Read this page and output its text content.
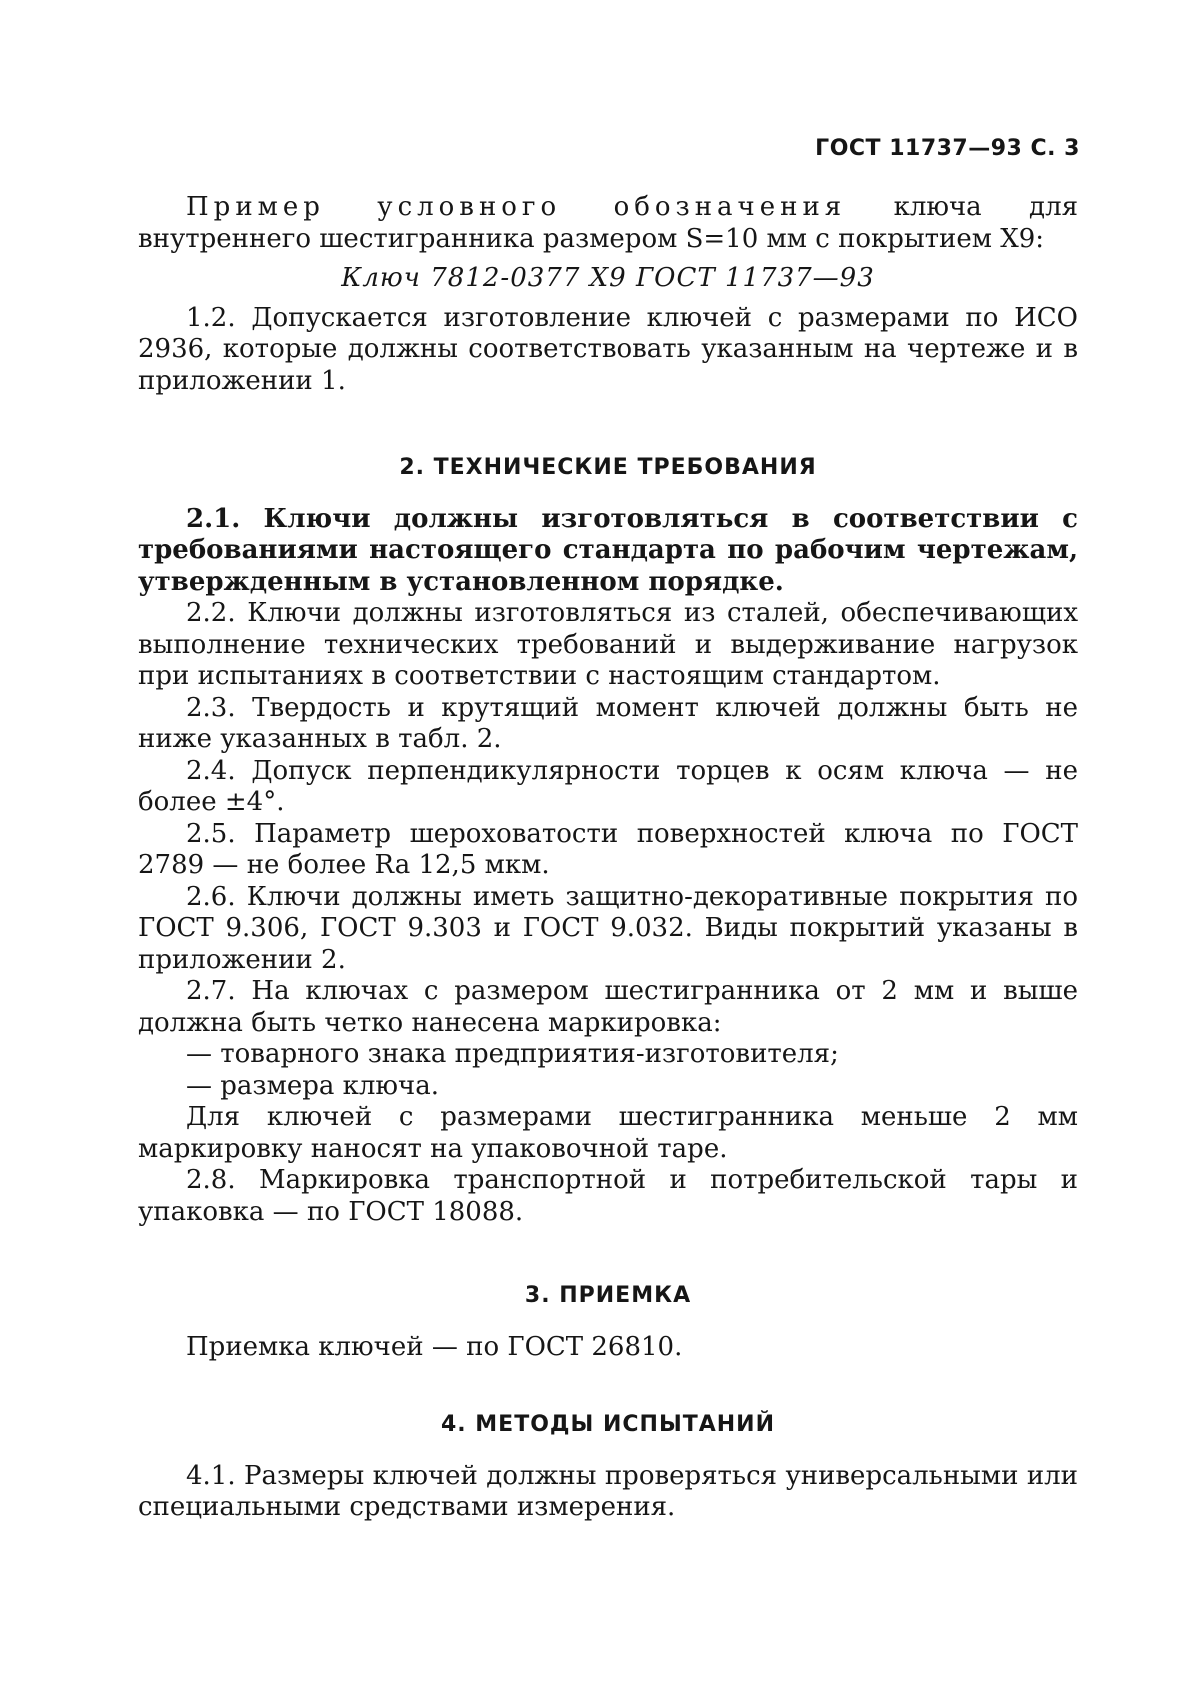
ГОСТ 11737—93 С. 3

Пример условного обозначения ключа для внутреннего шестигранника размером S=10 мм с покрытием Х9:

Ключ 7812-0377 Х9 ГОСТ 11737—93

1.2. Допускается изготовление ключей с размерами по ИСО 2936, которые должны соответствовать указанным на чертеже и в приложении 1.

2. ТЕХНИЧЕСКИЕ ТРЕБОВАНИЯ

2.1. Ключи должны изготовляться в соответствии с требованиями настоящего стандарта по рабочим чертежам, утвержденным в установленном порядке.

2.2. Ключи должны изготовляться из сталей, обеспечивающих выполнение технических требований и выдерживание нагрузок при испытаниях в соответствии с настоящим стандартом.

2.3. Твердость и крутящий момент ключей должны быть не ниже указанных в табл. 2.

2.4. Допуск перпендикулярности торцев к осям ключа — не более ±4°.

2.5. Параметр шероховатости поверхностей ключа по ГОСТ 2789 — не более Ra 12,5 мкм.

2.6. Ключи должны иметь защитно-декоративные покрытия по ГОСТ 9.306, ГОСТ 9.303 и ГОСТ 9.032. Виды покрытий указаны в приложении 2.

2.7. На ключах с размером шестигранника от 2 мм и выше должна быть четко нанесена маркировка:

— товарного знака предприятия-изготовителя;

— размера ключа.

Для ключей с размерами шестигранника меньше 2 мм маркировку наносят на упаковочной таре.

2.8. Маркировка транспортной и потребительской тары и упаковка — по ГОСТ 18088.

3. ПРИЕМКА

Приемка ключей — по ГОСТ 26810.

4. МЕТОДЫ ИСПЫТАНИЙ

4.1. Размеры ключей должны проверяться универсальными или специальными средствами измерения.
